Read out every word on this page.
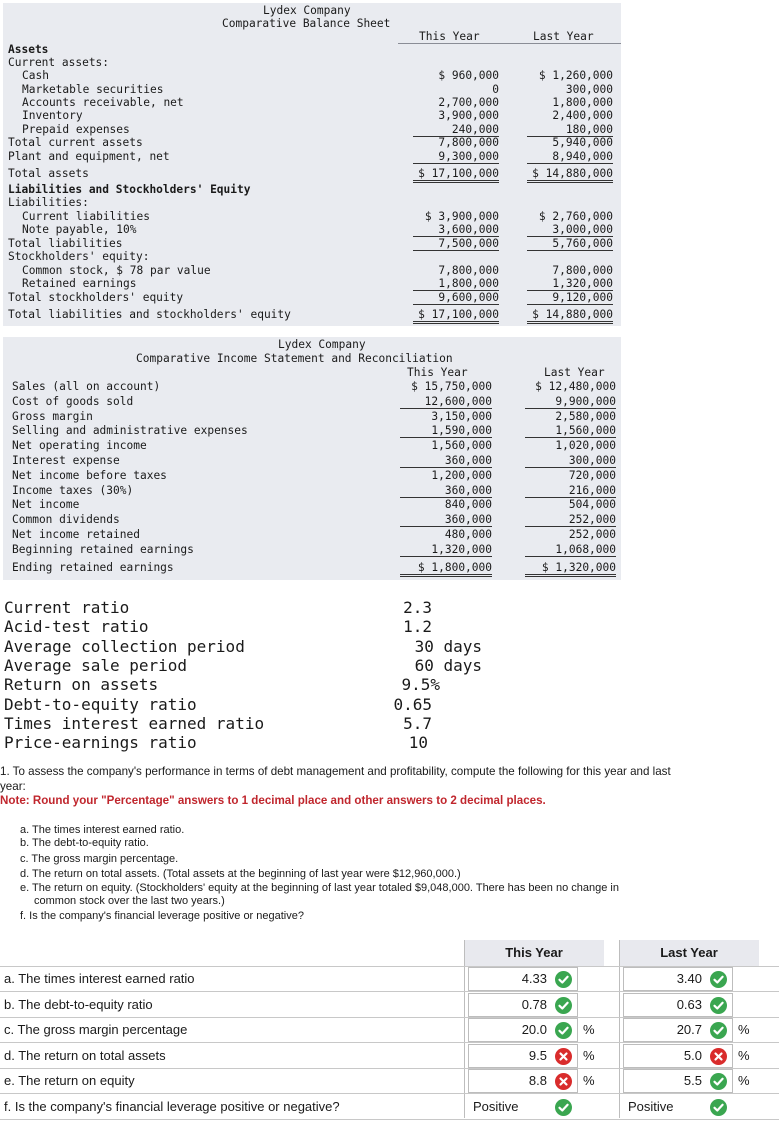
Lydex Company
Comparative Balance Sheet
This Year	Last Year
Assets
Current assets:
Cash	$ 960,000	$ 1,260,000
Marketable securities	0	300,000
Accounts receivable, net	2,700,000	1,800,000
Inventory	3,900,000	2,400,000
Prepaid expenses	240,000	180,000
Total current assets	7,800,000	5,940,000
Plant and equipment, net	9,300,000	8,940,000
Total assets	$ 17,100,000	$ 14,880,000
Liabilities and Stockholders' Equity
Liabilities:
Current liabilities	$ 3,900,000	$ 2,760,000
Note payable, 10%	3,600,000	3,000,000
Total liabilities	7,500,000	5,760,000
Stockholders' equity:
Common stock, $ 78 par value	7,800,000	7,800,000
Retained earnings	1,800,000	1,320,000
Total stockholders' equity	9,600,000	9,120,000
Total liabilities and stockholders' equity	$ 17,100,000	$ 14,880,000
Lydex Company
Comparative Income Statement and Reconciliation
This Year	Last Year
Sales (all on account)	$ 15,750,000	$ 12,480,000
Cost of goods sold	12,600,000	9,900,000
Gross margin	3,150,000	2,580,000
Selling and administrative expenses	1,590,000	1,560,000
Net operating income	1,560,000	1,020,000
Interest expense	360,000	300,000
Net income before taxes	1,200,000	720,000
Income taxes (30%)	360,000	216,000
Net income	840,000	504,000
Common dividends	360,000	252,000
Net income retained	480,000	252,000
Beginning retained earnings	1,320,000	1,068,000
Ending retained earnings	$ 1,800,000	$ 1,320,000
Current ratio	2.3
Acid-test ratio	1.2
Average collection period	30 days
Average sale period	60 days
Return on assets	9.5%
Debt-to-equity ratio	0.65
Times interest earned ratio	5.7
Price-earnings ratio	10
1. To assess the company's performance in terms of debt management and profitability, compute the following for this year and last
year:
Note: Round your "Percentage" answers to 1 decimal place and other answers to 2 decimal places.
a. The times interest earned ratio.
b. The debt-to-equity ratio.
c. The gross margin percentage.
d. The return on total assets. (Total assets at the beginning of last year were $12,960,000.)
e. The return on equity. (Stockholders' equity at the beginning of last year totaled $9,048,000. There has been no change in
common stock over the last two years.)
f. Is the company's financial leverage positive or negative?
This Year	Last Year
a. The times interest earned ratio	4.33	3.40
b. The debt-to-equity ratio	0.78	0.63
c. The gross margin percentage	20.0	%	20.7	%
d. The return on total assets	9.5	%	5.0	%
e. The return on equity	8.8	%	5.5	%
f. Is the company's financial leverage positive or negative?	Positive	Positive
